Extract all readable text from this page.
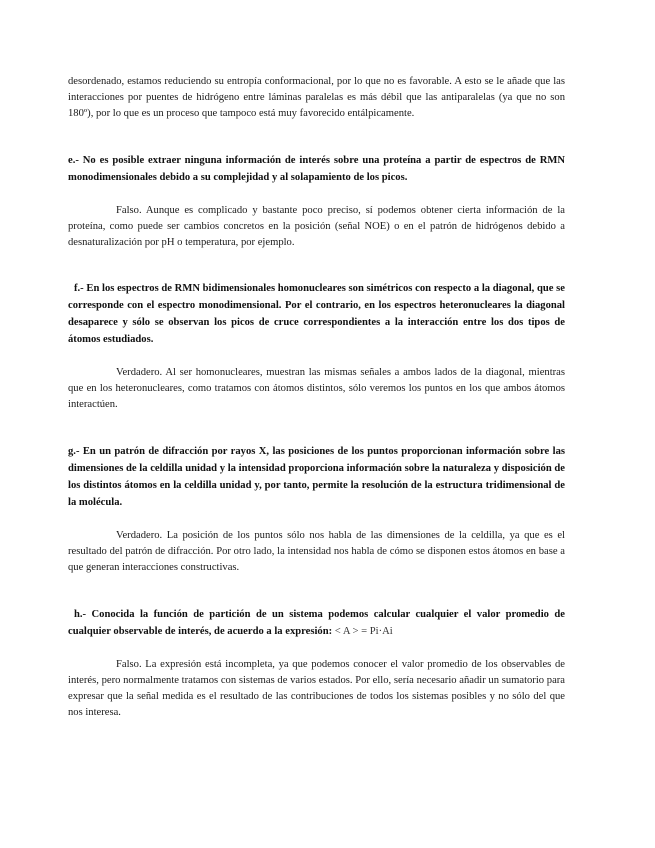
desordenado, estamos reduciendo su entropía conformacional, por lo que no es favorable. A esto se le añade que las interacciones por puentes de hidrógeno entre láminas paralelas es más débil que las antiparalelas (ya que no son 180º), por lo que es un proceso que tampoco está muy favorecido entálpicamente.

e.- No es posible extraer ninguna información de interés sobre una proteína a partir de espectros de RMN monodimensionales debido a su complejidad y al solapamiento de los picos.

Falso. Aunque es complicado y bastante poco preciso, sí podemos obtener cierta información de la proteína, como puede ser cambios concretos en la posición (señal NOE) o en el patrón de hidrógenos debido a desnaturalización por pH o temperatura, por ejemplo.

f.- En los espectros de RMN bidimensionales homonucleares son simétricos con respecto a la diagonal, que se corresponde con el espectro monodimensional. Por el contrario, en los espectros heteronucleares la diagonal desaparece y sólo se observan los picos de cruce correspondientes a la interacción entre los dos tipos de átomos estudiados.

Verdadero. Al ser homonucleares, muestran las mismas señales a ambos lados de la diagonal, mientras que en los heteronucleares, como tratamos con átomos distintos, sólo veremos los puntos en los que ambos átomos interactúen.

g.- En un patrón de difracción por rayos X, las posiciones de los puntos proporcionan información sobre las dimensiones de la celdilla unidad y la intensidad proporciona información sobre la naturaleza y disposición de los distintos átomos en la celdilla unidad y, por tanto, permite la resolución de la estructura tridimensional de la molécula.

Verdadero. La posición de los puntos sólo nos habla de las dimensiones de la celdilla, ya que es el resultado del patrón de difracción. Por otro lado, la intensidad nos habla de cómo se disponen estos átomos en base a que generan interacciones constructivas.

h.- Conocida la función de partición de un sistema podemos calcular cualquier el valor promedio de cualquier observable de interés, de acuerdo a la expresión: < A > = Pi·Ai

Falso. La expresión está incompleta, ya que podemos conocer el valor promedio de los observables de interés, pero normalmente tratamos con sistemas de varios estados. Por ello, sería necesario añadir un sumatorio para expresar que la señal medida es el resultado de las contribuciones de todos los sistemas posibles y no sólo del que nos interesa.
